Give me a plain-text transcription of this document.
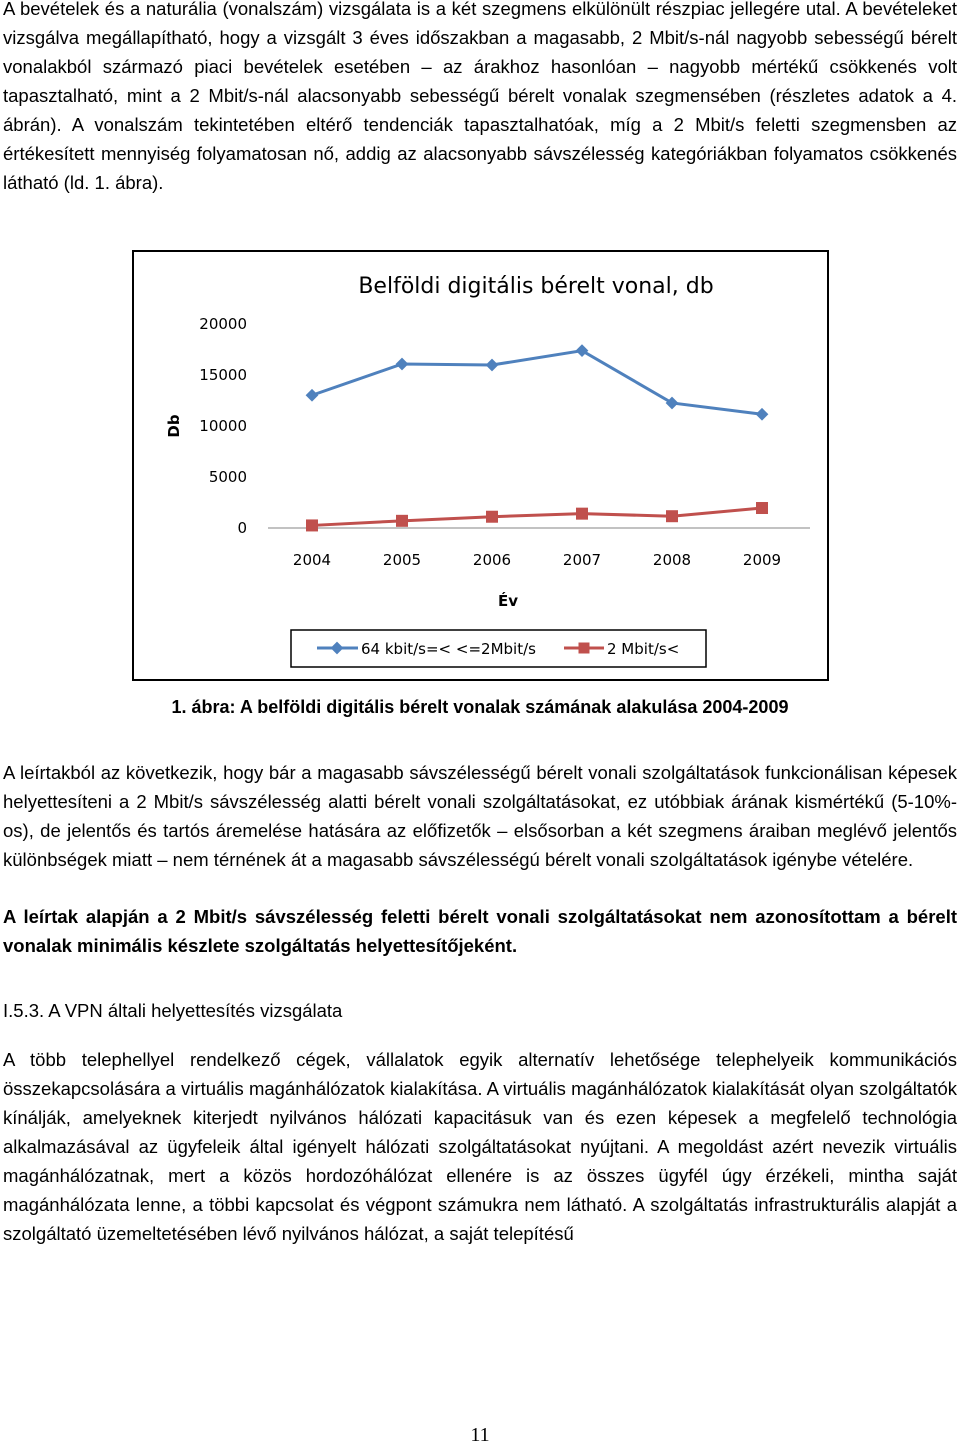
A bevételek és a naturália (vonalszám) vizsgálata is a két szegmens elkülönült részpiac jellegére utal. A bevételeket vizsgálva megállapítható, hogy a vizsgált 3 éves időszakban a magasabb, 2 Mbit/s-nál nagyobb sebességű bérelt vonalakból származó piaci bevételek esetében – az árakhoz hasonlóan – nagyobb mértékű csökkenés volt tapasztalható, mint a 2 Mbit/s-nál alacsonyabb sebességű bérelt vonalak szegmensében (részletes adatok a 4. ábrán). A vonalszám tekintetében eltérő tendenciák tapasztalhatóak, míg a 2 Mbit/s feletti szegmensben az értékesített mennyiség folyamatosan nő, addig az alacsonyabb sávszélesség kategóriákban folyamatos csökkenés látható (ld. 1. ábra).

Belföldi digitális bérelt vonal, db
Db
20000
15000
10000
5000
0
2004	2005	2006	2007	2008	2009
Év
64 kbit/s=< <=2Mbit/s	2 Mbit/s<
1. ábra: A belföldi digitális bérelt vonalak számának alakulása 2004-2009

A leírtakból az következik, hogy bár a magasabb sávszélességű bérelt vonali szolgáltatások funkcionálisan képesek helyettesíteni a 2 Mbit/s sávszélesség alatti bérelt vonali szolgáltatásokat, ez utóbbiak árának kismértékű (5-10%-os), de jelentős és tartós áremelése hatására az előfizetők – elsősorban a két szegmens áraiban meglévő jelentős különbségek miatt – nem térnének át a magasabb sávszélességú bérelt vonali szolgáltatások igénybe vételére.

A leírtak alapján a 2 Mbit/s sávszélesség feletti bérelt vonali szolgáltatásokat nem azonosítottam a bérelt vonalak minimális készlete szolgáltatás helyettesítőjeként.

I.5.3. A VPN általi helyettesítés vizsgálata

A több telephellyel rendelkező cégek, vállalatok egyik alternatív lehetősége telephelyeik kommunikációs összekapcsolására a virtuális magánhálózatok kialakítása. A virtuális magánhálózatok kialakítását olyan szolgáltatók kínálják, amelyeknek kiterjedt nyilvános hálózati kapacitásuk van és ezen képesek a megfelelő technológia alkalmazásával az ügyfeleik által igényelt hálózati szolgáltatásokat nyújtani. A megoldást azért nevezik virtuális magánhálózatnak, mert a közös hordozóhálózat ellenére is az összes ügyfél úgy érzékeli, mintha saját magánhálózata lenne, a többi kapcsolat és végpont számukra nem látható. A szolgáltatás infrastrukturális alapját a szolgáltató üzemeltetésében lévő nyilvános hálózat, a saját telepítésű

11
